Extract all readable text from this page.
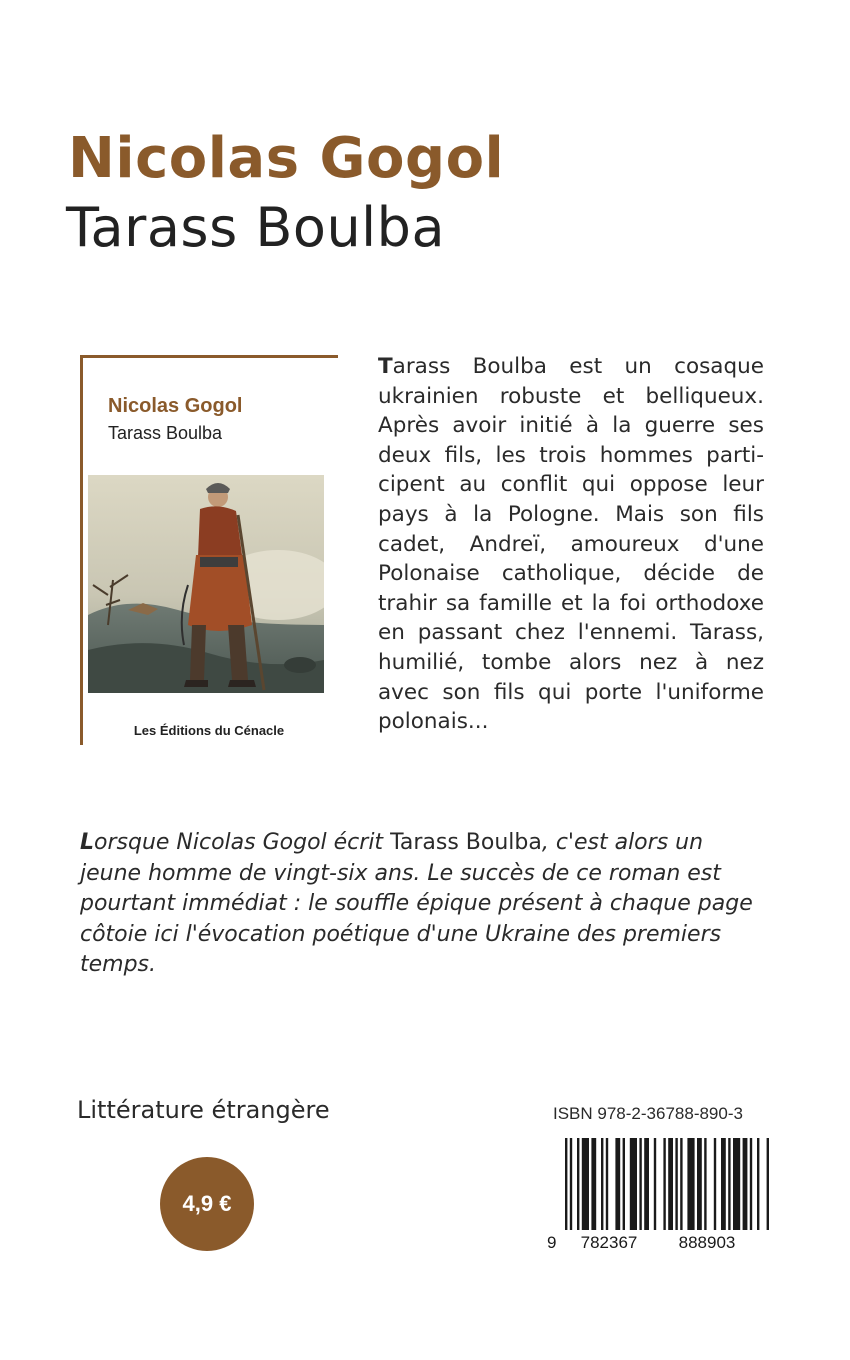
Nicolas Gogol
Tarass Boulba
Nicolas Gogol
Tarass Boulba
Les Éditions du Cénacle

Tarass Boulba est un cosaque ukrainien robuste et belliqueux. Après avoir initié à la guerre ses deux fils, les trois hommes participent au conflit qui oppose leur pays à la Pologne. Mais son fils cadet, Andreï, amoureux d'une Polonaise catholique, décide de trahir sa famille et la foi orthodoxe en passant chez l'ennemi. Tarass, humilié, tombe alors nez à nez avec son fils qui porte l'uniforme polonais...

Lorsque Nicolas Gogol écrit Tarass Boulba, c'est alors un jeune homme de vingt-six ans. Le succès de ce roman est pourtant immédiat : le souffle épique présent à chaque page côtoie ici l'évocation poétique d'une Ukraine des premiers temps.

Littérature étrangère
4,9 €
ISBN 978-2-36788-890-3
9 782367 888903
